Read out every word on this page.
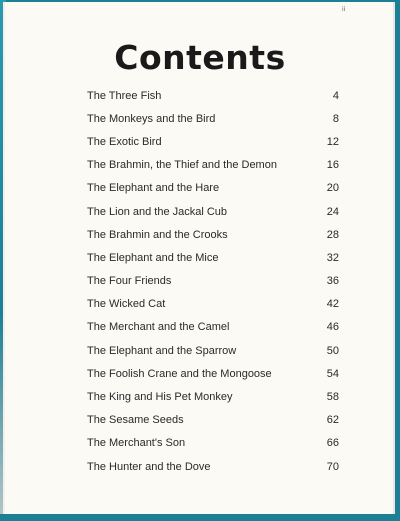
ii
Contents
The Three Fish	4
The Monkeys and the Bird	8
The Exotic Bird	12
The Brahmin, the Thief and the Demon	16
The Elephant and the Hare	20
The Lion and the Jackal Cub	24
The Brahmin and the Crooks	28
The Elephant and the Mice	32
The Four Friends	36
The Wicked Cat	42
The Merchant and the Camel	46
The Elephant and the Sparrow	50
The Foolish Crane and the Mongoose	54
The King and His Pet Monkey	58
The Sesame Seeds	62
The Merchant's Son	66
The Hunter and the Dove	70
